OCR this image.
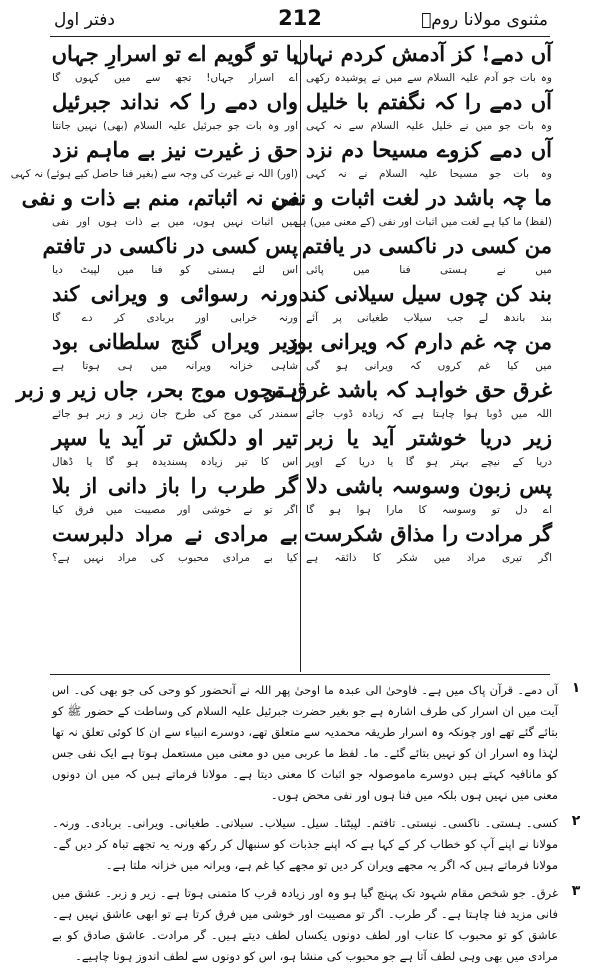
مثنوی مولانا رومؒ
212
دفتر اول
آں دمے! کز آدمش کردم نہاں
وہ بات جو آدم علیہ السلام سے میں نے پوشیدہ رکھی
آں دمے را کہ نگفتم با خلیل
وہ بات جو میں نے خلیل علیہ السلام سے نہ کہی
آں دمے کزوے مسیحا دم نزد
وہ بات جو مسیحا علیہ السلام نے نہ کہی
ما چہ باشد در لغت اثبات و نفی
(لفظ) ما کیا ہے لغت میں اثبات اور نفی (کے معنی میں) ہے
من کسی در ناکسی در یافتم
میں نے ہستی فنا میں پائی
بند کن چوں سیل سیلانی کند
بند باندھ لے جب سیلاب طغیانی پر آئے
من چہ غم دارم کہ ویرانی بود
میں کیا غم کروں کہ ویرانی ہو گی
غرق حق خواہد کہ باشد غرق تر
اللہ میں ڈوبا ہوا چاہتا ہے کہ زیادہ ڈوب جائے
زیر دریا خوشتر آید یا زبر
دریا کے نیچے بہتر ہو گا یا دریا کے اوپر
پس زبون وسوسہ باشی دلا
اے دل تو وسوسہ کا مارا ہوا ہو گا
گر مرادت را مذاق شکرست
اگر تیری مراد میں شکر کا ذائقہ ہے
با تو گویم اے تو اسرارِ جہاں
اے اسرار جہاں! تجھ سے میں کہوں گا
واں دمے را کہ نداند جبرئیل
اور وہ بات جو جبرئیل علیہ السلام (بھی) نہیں جانتا
حق ز غیرت نیز بے ماہم نزد
(اور) اللہ نے غیرت کی وجہ سے (بغیر فنا حاصل کیے ہوئے) نہ کہی
من نہ اثباتم، منم بے ذات و نفی
میں اثبات نہیں ہوں، میں بے ذات ہوں اور نفی
پس کسی در ناکسی در تافتم
اس لئے ہستی کو فنا میں لپیٹ دیا
ورنہ رسوائی و ویرانی کند
ورنہ خرابی اور بربادی کر دے گا
زیر ویراں گنج سلطانی بود
شاہی خزانہ ویرانہ میں ہی ہوتا ہے
ہمچوں موج بحر، جاں زیر و زبر
سمندر کی موج کی طرح جان زیر و زبر ہو جائے
تیر او دلکش تر آید یا سپر
اس کا تیر زیادہ پسندیدہ ہو گا یا ڈھال
گر طرب را باز دانی از بلا
اگر تو نے خوشی اور مصیبت میں فرق کیا
بے مرادی نے مراد دلبرست
کیا بے مرادی محبوب کی مراد نہیں ہے؟
۱
آں دمے۔ قرآن پاک میں ہے۔ فاوحیٰ الی عبدہ ما اوحیٰ پھر اللہ نے آنحضور کو وحی کی جو بھی کی۔ اس آیت میں ان اسرار کی طرف اشارہ ہے جو بغیر حضرت جبرئیل علیہ السلام کی وساطت کے حضور ﷺ کو بتائے گئے تھے اور چونکہ وہ اسرار طریقہ محمدیہ سے متعلق تھے، دوسرے انبیاء سے ان کا کوئی تعلق نہ تھا لہٰذا وہ اسرار ان کو نہیں بتائے گئے۔ ما۔ لفظ ما عربی میں دو معنی میں مستعمل ہوتا ہے ایک نفی جس کو مانافیہ کہتے ہیں دوسرے ماموصولہ جو اثبات کا معنی دیتا ہے۔ مولانا فرماتے ہیں کہ میں ان دونوں معنی میں نہیں ہوں بلکہ میں فنا ہوں اور نفی محض ہوں۔
۲
کسی۔ ہستی۔ ناکسی۔ نیستی۔ تافتم۔ لپیٹنا۔ سیل۔ سیلاب۔ سیلانی۔ طغیانی۔ ویرانی۔ بربادی۔ ورنہ۔ مولانا نے اپنے آپ کو خطاب کر کے کہا ہے کہ اپنے جذبات کو سنبھال کر رکھ ورنہ یہ تجھے تباہ کر دیں گے۔ مولانا فرماتے ہیں کہ اگر یہ مجھے ویران کر دیں تو مجھے کیا غم ہے، ویرانہ میں خزانہ ملتا ہے۔
۳
غرق۔ جو شخص مقام شہود تک پہنچ گیا ہو وہ اور زیادہ قرب کا متمنی ہوتا ہے۔ زیر و زبر۔ عشق میں فانی مزید فنا چاہتا ہے۔ گر طرب۔ اگر تو مصیبت اور خوشی میں فرق کرتا ہے تو ابھی عاشق نہیں ہے۔ عاشق کو تو محبوب کا عتاب اور لطف دونوں یکساں لطف دیتے ہیں۔ گر مرادت۔ عاشق صادق کو بے مرادی میں بھی وہی لطف آتا ہے جو محبوب کی منشا ہو، اس کو دونوں سے لطف اندوز ہونا چاہیے۔
